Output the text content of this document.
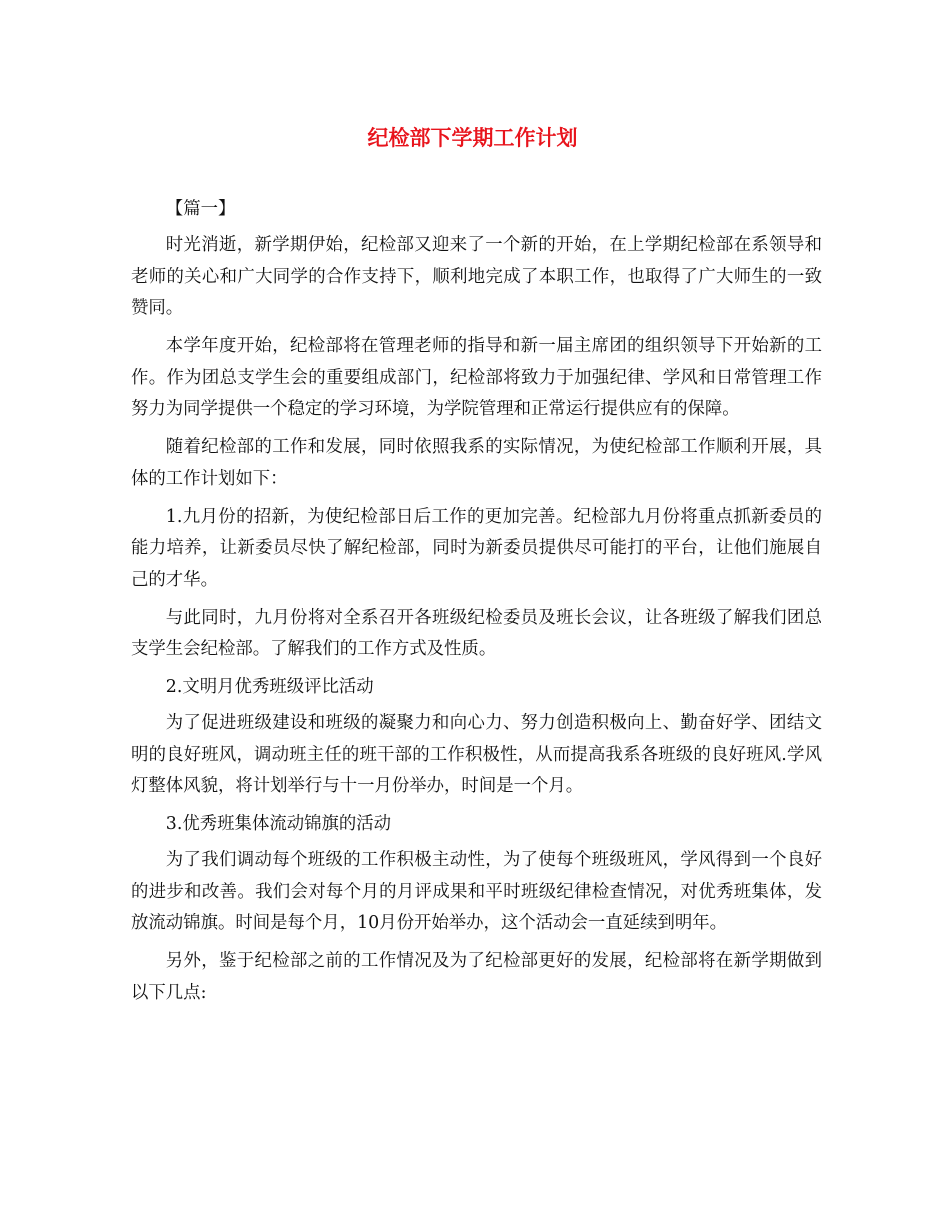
纪检部下学期工作计划

【篇一】

时光消逝，新学期伊始，纪检部又迎来了一个新的开始，在上学期纪检部在系领导和老师的关心和广大同学的合作支持下，顺利地完成了本职工作，也取得了广大师生的一致赞同。

本学年度开始，纪检部将在管理老师的指导和新一届主席团的组织领导下开始新的工作。作为团总支学生会的重要组成部门，纪检部将致力于加强纪律、学风和日常管理工作努力为同学提供一个稳定的学习环境，为学院管理和正常运行提供应有的保障。

随着纪检部的工作和发展，同时依照我系的实际情况，为使纪检部工作顺利开展，具体的工作计划如下：

1.九月份的招新，为使纪检部日后工作的更加完善。纪检部九月份将重点抓新委员的能力培养，让新委员尽快了解纪检部，同时为新委员提供尽可能打的平台，让他们施展自己的才华。

与此同时，九月份将对全系召开各班级纪检委员及班长会议，让各班级了解我们团总支学生会纪检部。了解我们的工作方式及性质。

2.文明月优秀班级评比活动

为了促进班级建设和班级的凝聚力和向心力、努力创造积极向上、勤奋好学、团结文明的良好班风，调动班主任的班干部的工作积极性，从而提高我系各班级的良好班风.学风灯整体风貌，将计划举行与十一月份举办，时间是一个月。

3.优秀班集体流动锦旗的活动

为了我们调动每个班级的工作积极主动性，为了使每个班级班风，学风得到一个良好的进步和改善。我们会对每个月的月评成果和平时班级纪律检查情况，对优秀班集体，发放流动锦旗。时间是每个月，10月份开始举办，这个活动会一直延续到明年。

另外，鉴于纪检部之前的工作情况及为了纪检部更好的发展，纪检部将在新学期做到以下几点:
